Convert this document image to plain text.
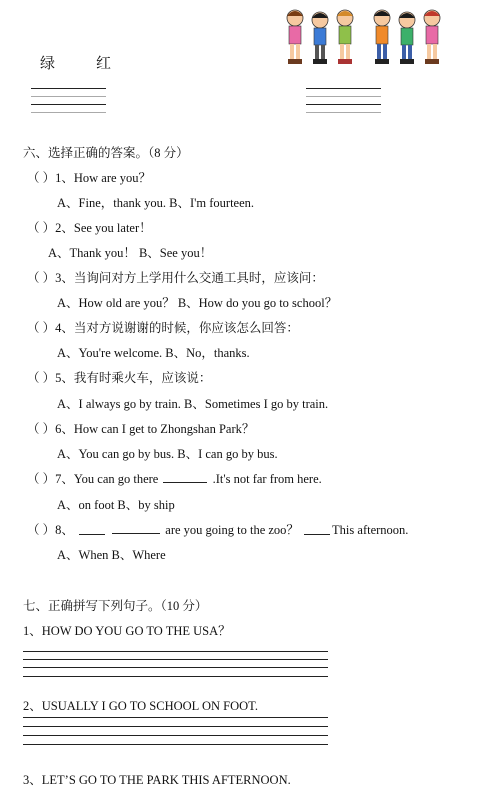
绿	红
六、选择正确的答案。（8 分）
（ ）1、How are you？
A、Fine，thank you. B、I'm fourteen.
（ ）2、See you later！
A、Thank you！ B、See you！
（ ）3、当询问对方上学用什么交通工具时，应该问：
A、How old are you？ B、How do you go to school？
（ ）4、当对方说谢谢的时候，你应该怎么回答：
A、You're welcome. B、No，thanks.
（ ）5、我有时乘火车，应该说：
A、I always go by train. B、Sometimes I go by train.
（ ）6、How can I get to Zhongshan Park？
A、You can go by bus. B、I can go by bus.
（ ）7、You can go there	.It's not far from here.
A、on foot B、by ship
（ ）8、	are you going to the zoo？	This afternoon.
A、When B、Where
七、正确拼写下列句子。（10 分）
1、HOW DO YOU GO TO THE USA？
2、USUALLY I GO TO SCHOOL ON FOOT.
3、LET’S GO TO THE PARK THIS AFTERNOON.
